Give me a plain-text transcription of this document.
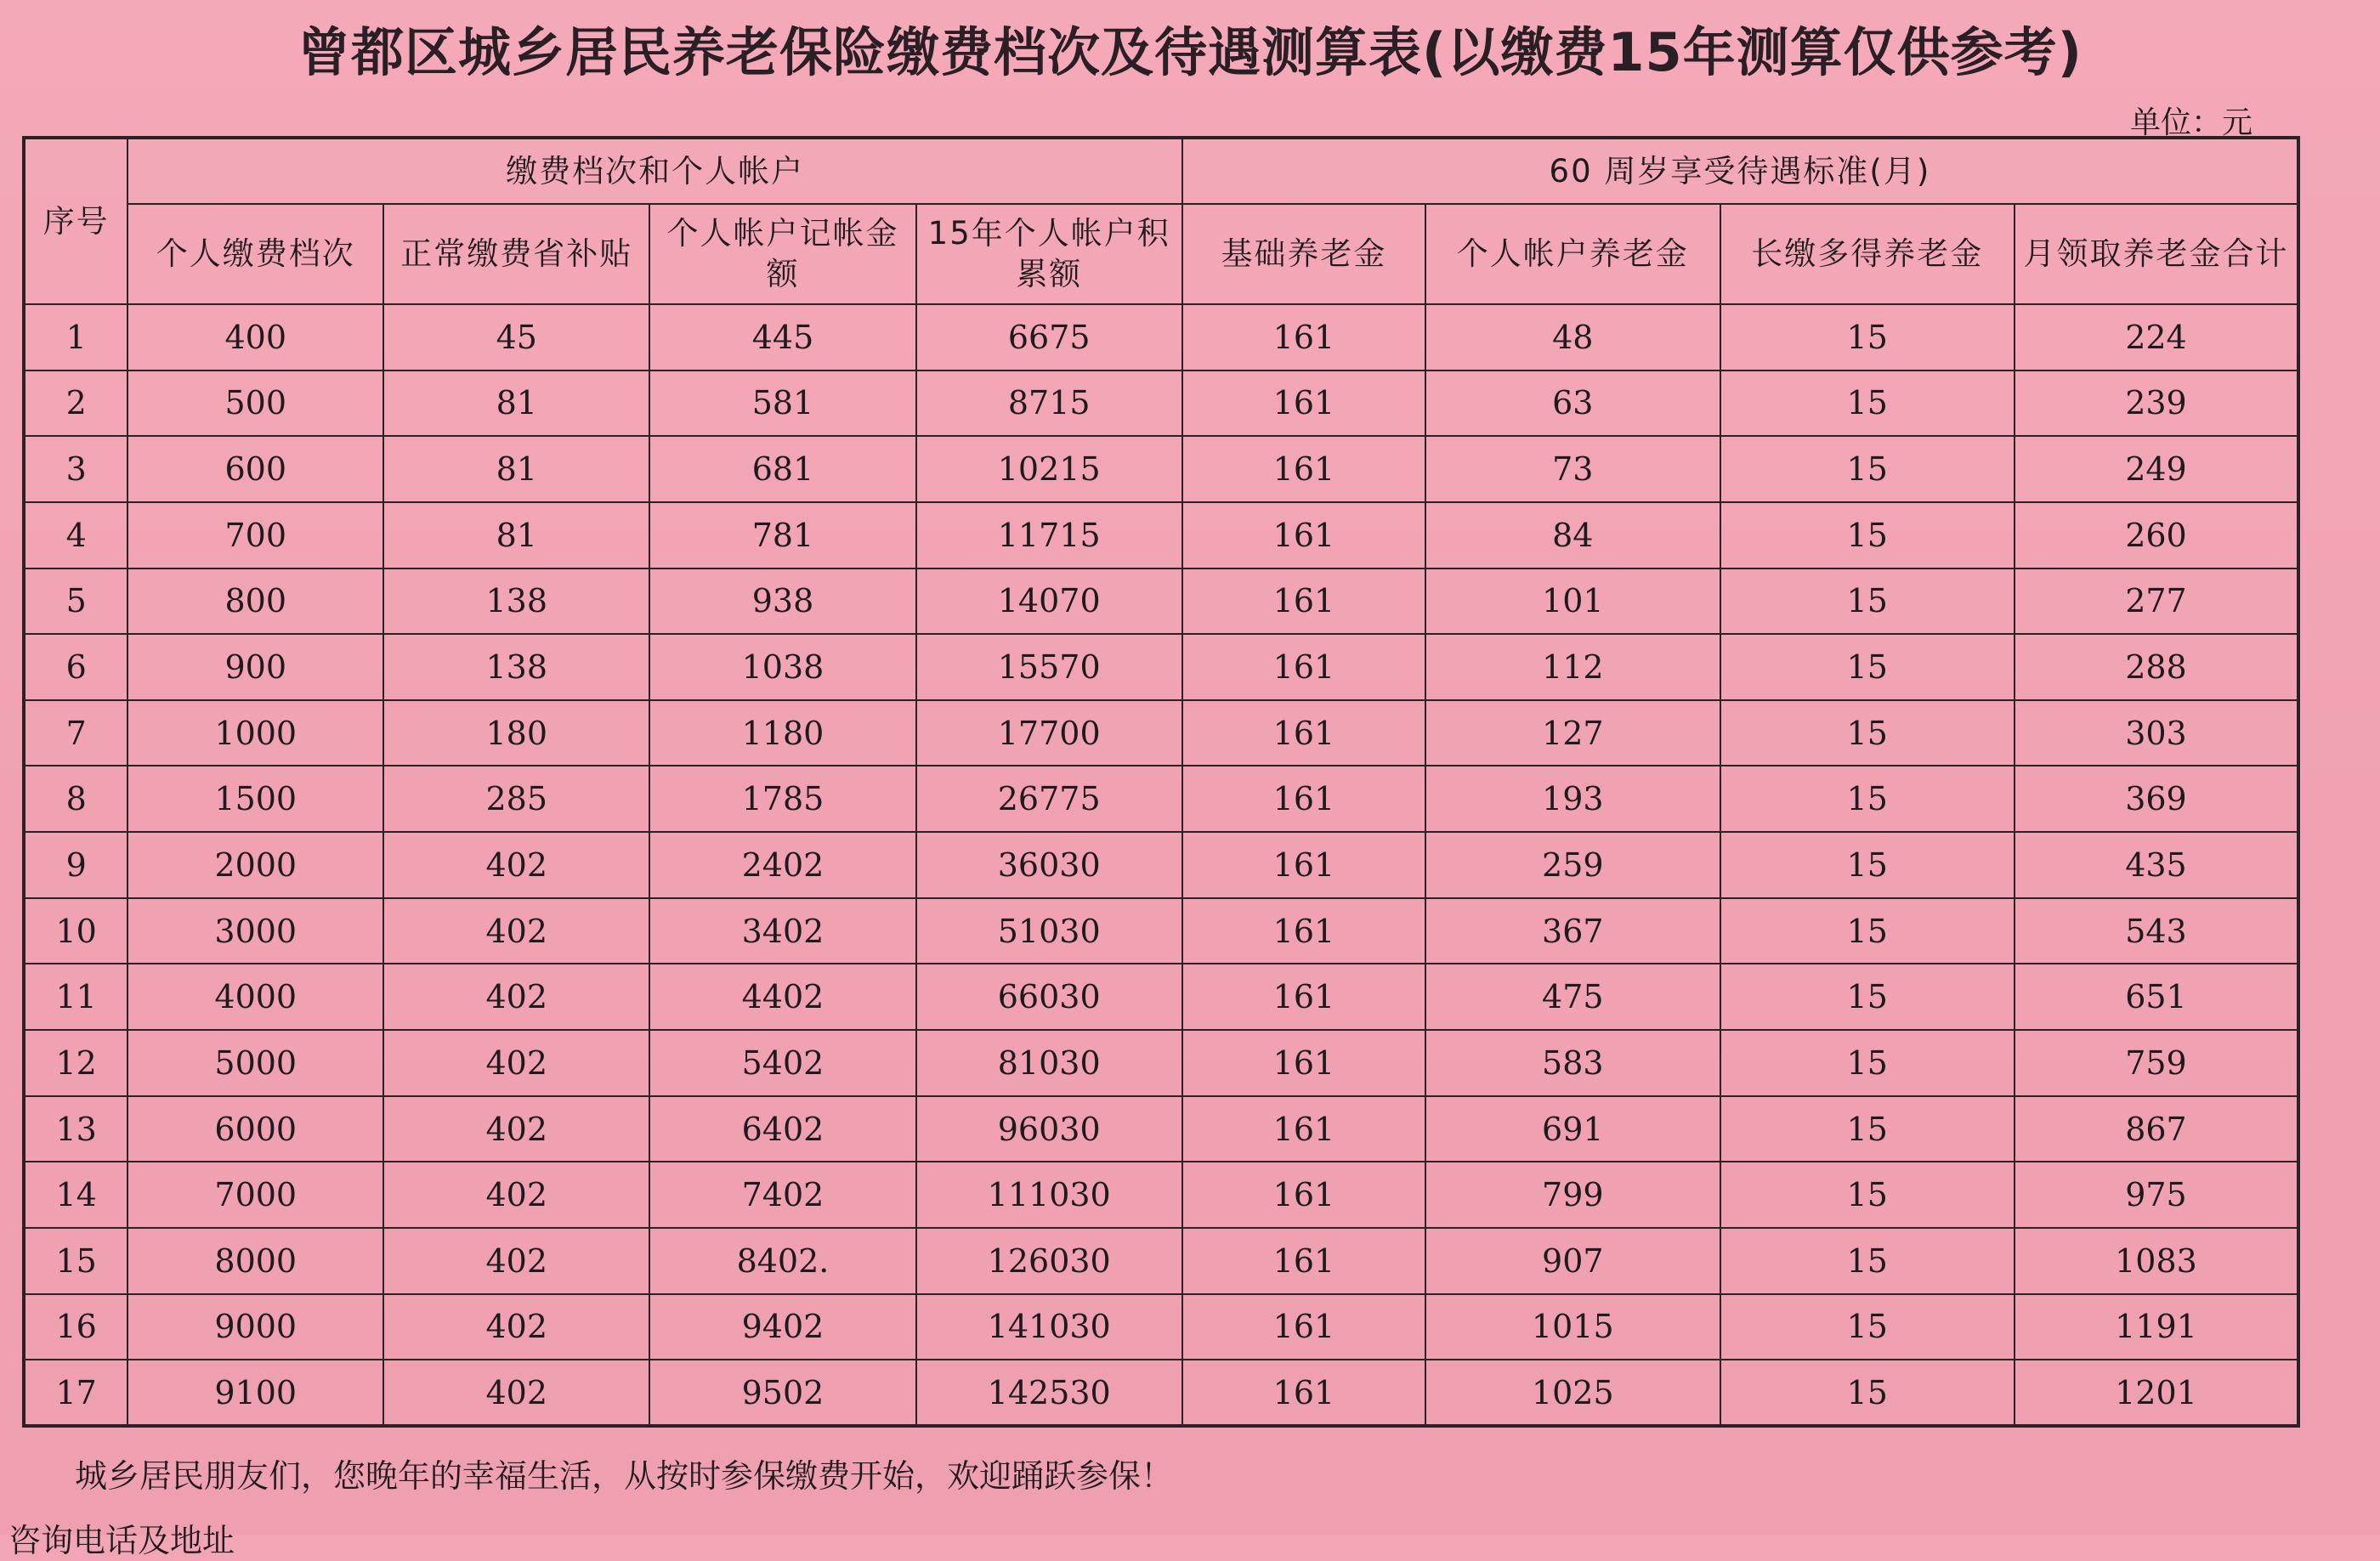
曾都区城乡居民养老保险缴费档次及待遇测算表(以缴费15年测算仅供参考)
单位：元
序号	缴费档次和个人帐户				60 周岁享受待遇标准(月)			
	个人缴费档次	正常缴费省补贴	个人帐户记帐金额	15年个人帐户积累额	基础养老金	个人帐户养老金	长缴多得养老金	月领取养老金合计
1	400	45	445	6675	161	48	15	224
2	500	81	581	8715	161	63	15	239
3	600	81	681	10215	161	73	15	249
4	700	81	781	11715	161	84	15	260
5	800	138	938	14070	161	101	15	277
6	900	138	1038	15570	161	112	15	288
7	1000	180	1180	17700	161	127	15	303
8	1500	285	1785	26775	161	193	15	369
9	2000	402	2402	36030	161	259	15	435
10	3000	402	3402	51030	161	367	15	543
11	4000	402	4402	66030	161	475	15	651
12	5000	402	5402	81030	161	583	15	759
13	6000	402	6402	96030	161	691	15	867
14	7000	402	7402	111030	161	799	15	975
15	8000	402	8402.	126030	161	907	15	1083
16	9000	402	9402	141030	161	1015	15	1191
17	9100	402	9502	142530	161	1025	15	1201
城乡居民朋友们，您晚年的幸福生活，从按时参保缴费开始，欢迎踊跃参保！
咨询电话及地址
